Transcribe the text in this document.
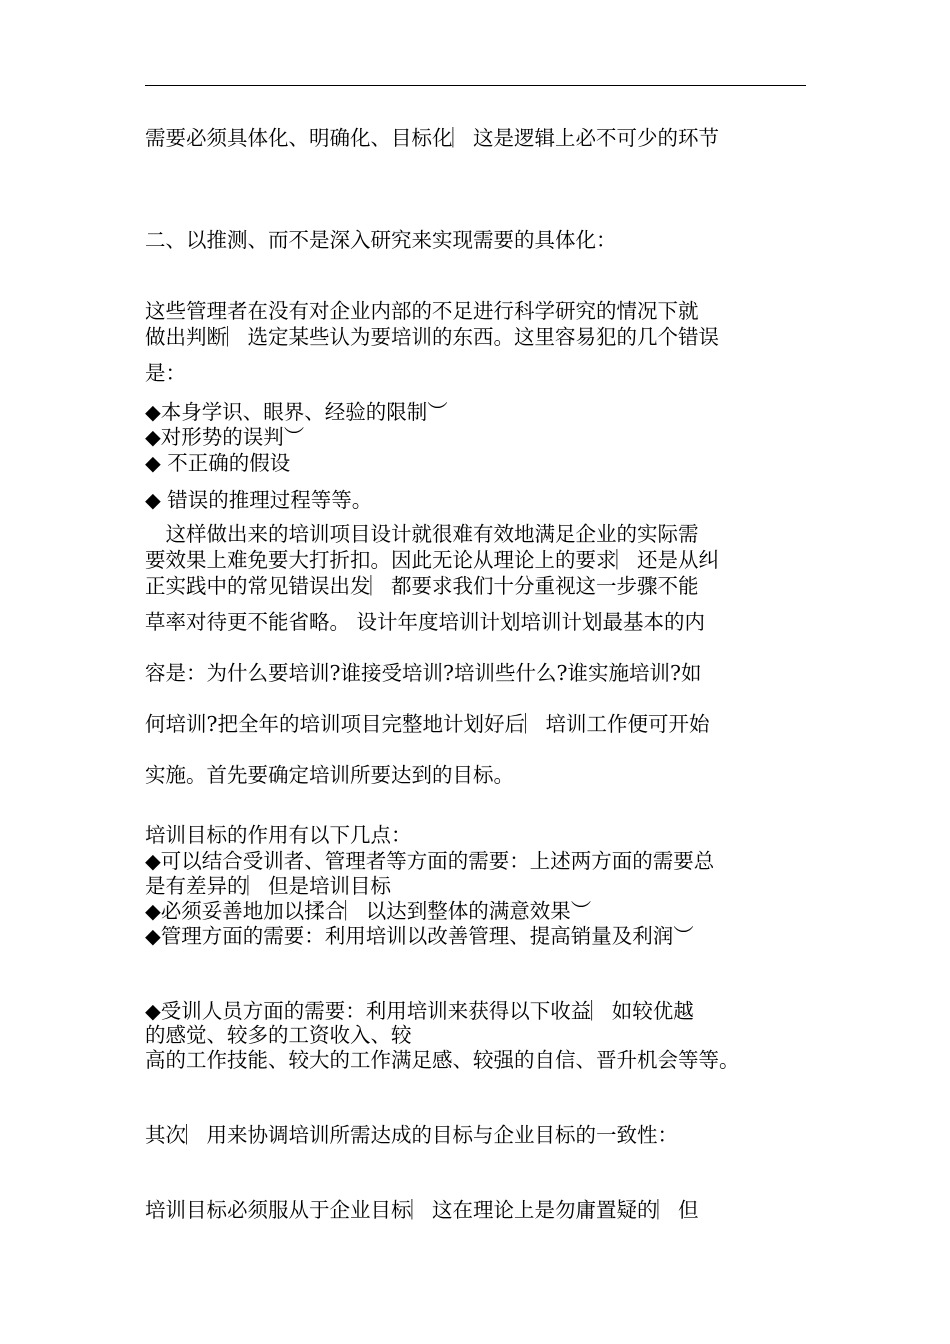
需要必须具体化、明确化、目标化︳这是逻辑上必不可少的环节
二、以推测、而不是深入研究来实现需要的具体化：
这些管理者在没有对企业内部的不足进行科学研究的情况下就
做出判断︳选定某些认为要培训的东西。这里容易犯的几个错误
是：
◆本身学识、眼界、经验的限制︶
◆对形势的误判︶
◆ 不正确的假设
◆ 错误的推理过程等等。
　这样做出来的培训项目设计就很难有效地满足企业的实际需
要效果上难免要大打折扣。因此无论从理论上的要求︳还是从纠
正实践中的常见错误出发︳都要求我们十分重视这一步骤不能
草率对待更不能省略。 设计年度培训计划培训计划最基本的内
容是：为什么要培训?谁接受培训?培训些什么?谁实施培训?如
何培训?把全年的培训项目完整地计划好后︳培训工作便可开始
实施。首先要确定培训所要达到的目标。
培训目标的作用有以下几点：
◆可以结合受训者、管理者等方面的需要：上述两方面的需要总
是有差异的︳但是培训目标
◆必须妥善地加以揉合︳以达到整体的满意效果︶
◆管理方面的需要：利用培训以改善管理、提高销量及利润︶
◆受训人员方面的需要：利用培训来获得以下收益︳如较优越
的感觉、较多的工资收入、较
高的工作技能、较大的工作满足感、较强的自信、晋升机会等等。
其次︳用来协调培训所需达成的目标与企业目标的一致性：
培训目标必须服从于企业目标︳这在理论上是勿庸置疑的︳但
